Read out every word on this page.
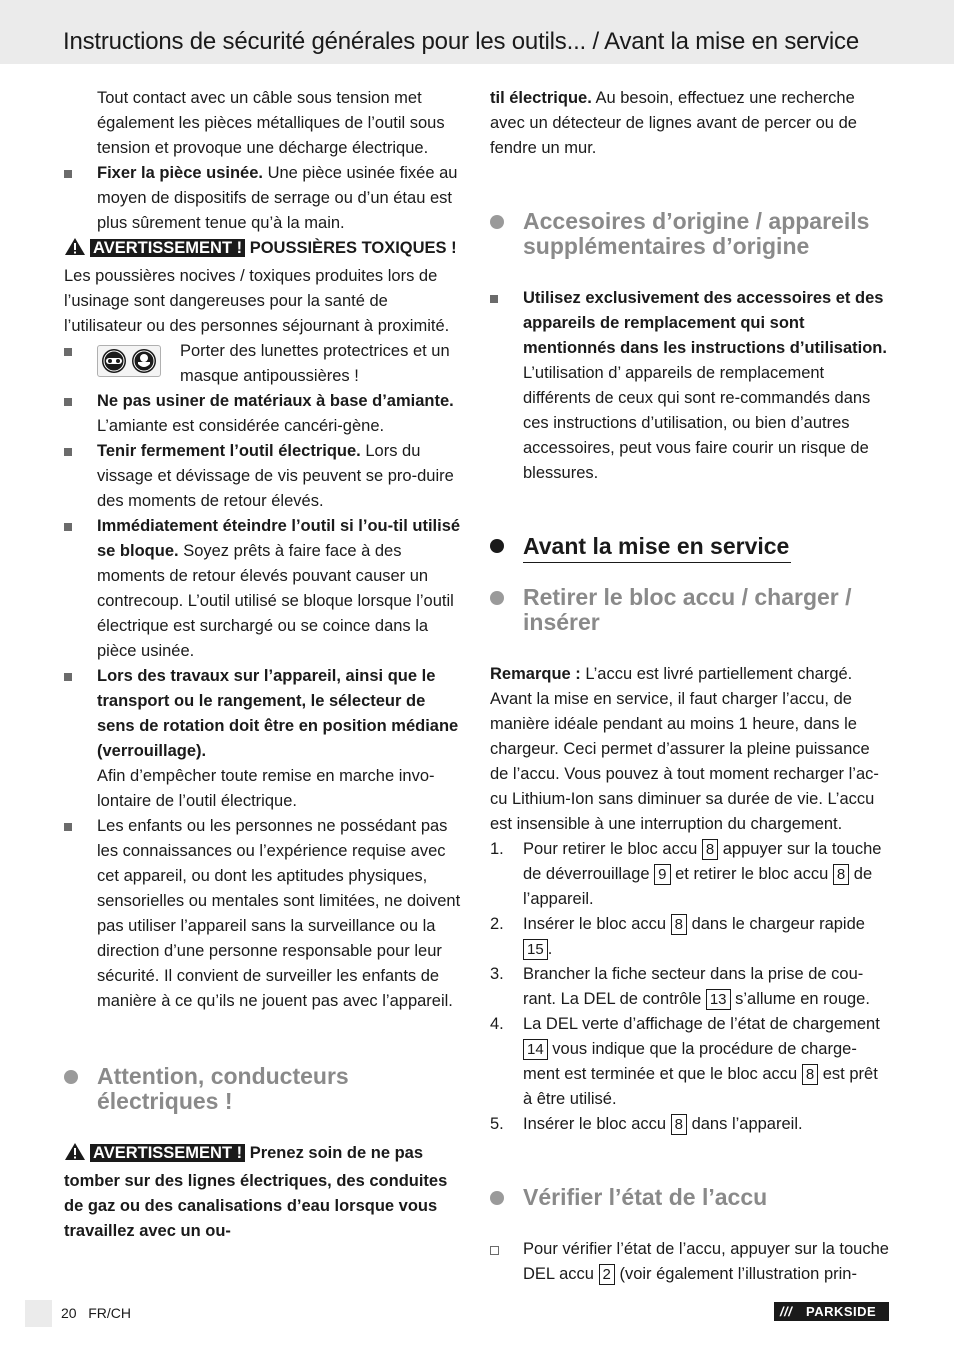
Instructions de sécurité générales pour les outils... / Avant la mise en service

Tout contact avec un câble sous tension met également les pièces métalliques de l’outil sous tension et provoque une décharge électrique.

Fixer la pièce usinée. Une pièce usinée fixée au moyen de dispositifs de serrage ou d’un étau est plus sûrement tenue qu’à la main.
AVERTISSEMENT ! POUSSIÈRES TOXIQUES ! Les poussières nocives / toxiques produites lors de l’usinage sont dangereuses pour la santé de l’utilisateur ou des personnes séjournant à proximité.
Porter des lunettes protectrices et un masque antipoussières !
Ne pas usiner de matériaux à base d’amiante. L’amiante est considérée cancéri-gène.
Tenir fermement l’outil électrique. Lors du vissage et dévissage de vis peuvent se pro-duire des moments de retour élevés.
Immédiatement éteindre l’outil si l’ou-til utilisé se bloque. Soyez prêts à faire face à des moments de retour élevés pouvant causer un contrecoup. L’outil utilisé se bloque lorsque l’outil électrique est surchargé ou se coince dans la pièce usinée.
Lors des travaux sur l’appareil, ainsi que le transport ou le rangement, le sélecteur de sens de rotation doit être en position médiane (verrouillage).
Afin d’empêcher toute remise en marche invo-lontaire de l’outil électrique.
Les enfants ou les personnes ne possédant pas les connaissances ou l’expérience requise avec cet appareil, ou dont les aptitudes physiques, sensorielles ou mentales sont limitées, ne doivent pas utiliser l’appareil sans la surveillance ou la direction d’une personne responsable pour leur sécurité. Il convient de surveiller les enfants de manière à ce qu’ils ne jouent pas avec l’appareil.
Attention, conducteurs électriques !
AVERTISSEMENT ! Prenez soin de ne pas tomber sur des lignes électriques, des conduites de gaz ou des canalisations d’eau lorsque vous travaillez avec un ou-

til électrique. Au besoin, effectuez une recherche avec un détecteur de lignes avant de percer ou de fendre un mur.

Accesoires d’origine / appareils supplémentaires d’origine
Utilisez exclusivement des accessoires et des appareils de remplacement qui sont mentionnés dans les instructions d’utilisation. L’utilisation d’ appareils de remplacement différents de ceux qui sont re-commandés dans ces instructions d’utilisation, ou bien d’autres accessoires, peut vous faire courir un risque de blessures.
Avant la mise en service
Retirer le bloc accu / charger / insérer

Remarque : L’accu est livré partiellement chargé. Avant la mise en service, il faut charger l’accu, de manière idéale pendant au moins 1 heure, dans le chargeur. Ceci permet d’assurer la pleine puissance de l’accu. Vous pouvez à tout moment recharger l’ac-cu Lithium-Ion sans diminuer sa durée de vie. L’accu est insensible à une interruption du chargement.

1. Pour retirer le bloc accu 8 appuyer sur la touche de déverrouillage 9 et retirer le bloc accu 8 de l’appareil.
2. Insérer le bloc accu 8 dans le chargeur rapide 15 .
3. Brancher la fiche secteur dans la prise de cou-rant. La DEL de contrôle 13 s’allume en rouge.
4. La DEL verte d’affichage de l’état de chargement 14 vous indique que la procédure de charge-ment est terminée et que le bloc accu 8 est prêt à être utilisé.
5. Insérer le bloc accu 8 dans l’appareil.
Vérifier l’état de l’accu
Pour vérifier l’état de l’accu, appuyer sur la touche DEL accu 2 (voir également l’illustration prin-
20 FR/CH	/// PARKSIDE
